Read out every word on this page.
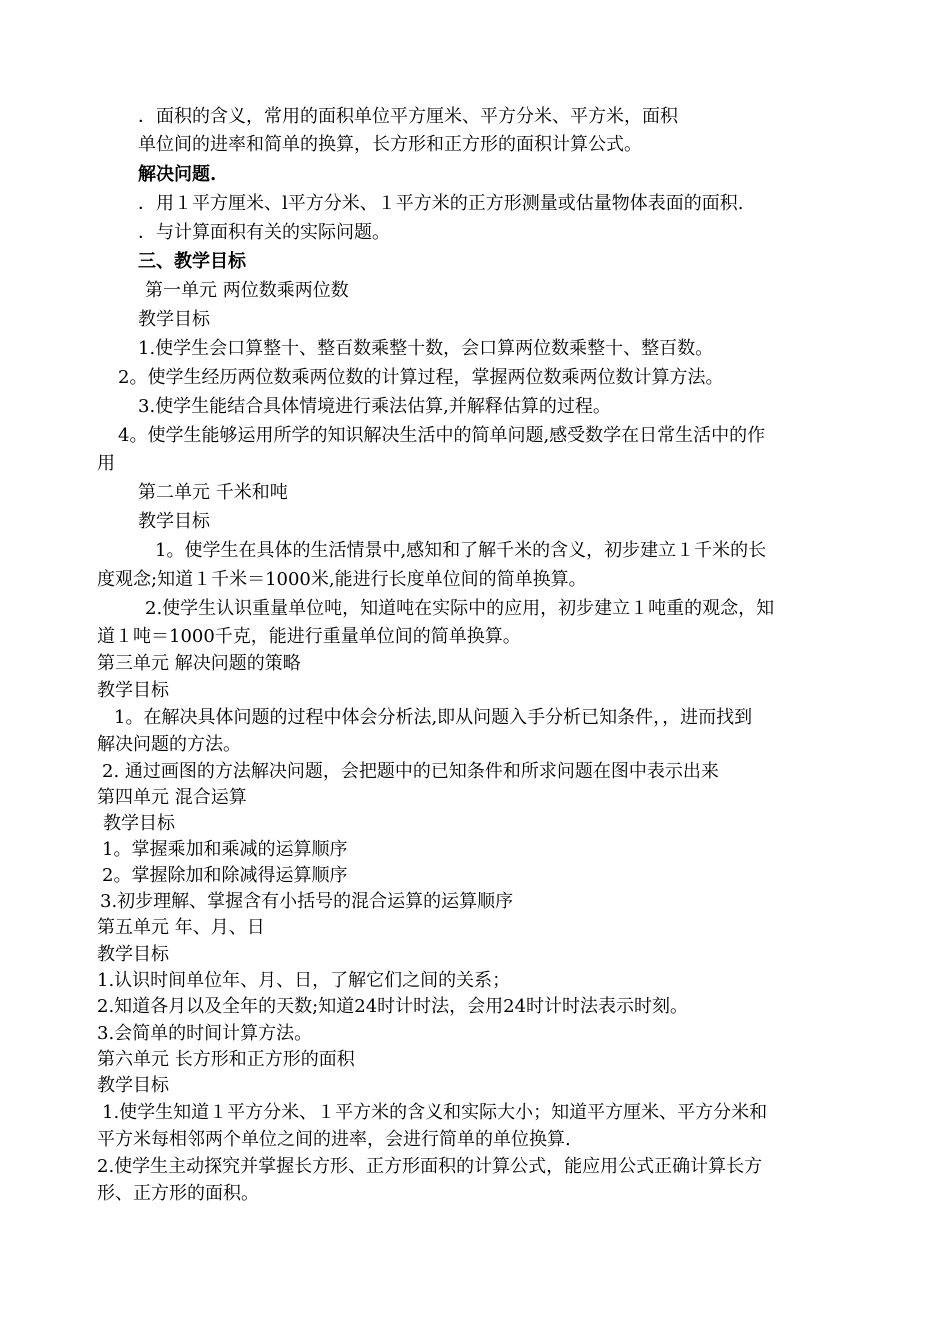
．面积的含义，常用的面积单位平方厘米、平方分米、平方米，面积

单位间的进率和简单的换算，长方形和正方形的面积计算公式。

解决问题.

．用１平方厘米、l平方分米、１平方米的正方形测量或估量物体表面的面积.

．与计算面积有关的实际问题。

三、教学目标

第一单元 两位数乘两位数

教学目标

1.使学生会口算整十、整百数乘整十数，会口算两位数乘整十、整百数。

2。使学生经历两位数乘两位数的计算过程，掌握两位数乘两位数计算方法。

3.使学生能结合具体情境进行乘法估算,并解释估算的过程。

4。使学生能够运用所学的知识解决生活中的简单问题,感受数学在日常生活中的作

用

第二单元 千米和吨

教学目标

1。使学生在具体的生活情景中,感知和了解千米的含义，初步建立１千米的长

度观念;知道１千米＝1000米,能进行长度单位间的简单换算。

2.使学生认识重量单位吨，知道吨在实际中的应用，初步建立１吨重的观念，知

道１吨＝1000千克，能进行重量单位间的简单换算。

第三单元 解决问题的策略

教学目标

1。在解决具体问题的过程中体会分析法,即从问题入手分析已知条件，，进而找到

解决问题的方法。

2. 通过画图的方法解决问题，会把题中的已知条件和所求问题在图中表示出来

第四单元 混合运算

教学目标

1。掌握乘加和乘减的运算顺序

2。掌握除加和除减得运算顺序

3.初步理解、掌握含有小括号的混合运算的运算顺序

第五单元 年、月、日

教学目标

1.认识时间单位年、月、日，了解它们之间的关系；

2.知道各月以及全年的天数;知道24时计时法，会用24时计时法表示时刻。

3.会简单的时间计算方法。

第六单元 长方形和正方形的面积

教学目标

1.使学生知道１平方分米、１平方米的含义和实际大小；知道平方厘米、平方分米和

平方米每相邻两个单位之间的进率，会进行简单的单位换算.

2.使学生主动探究并掌握长方形、正方形面积的计算公式，能应用公式正确计算长方

形、正方形的面积。
